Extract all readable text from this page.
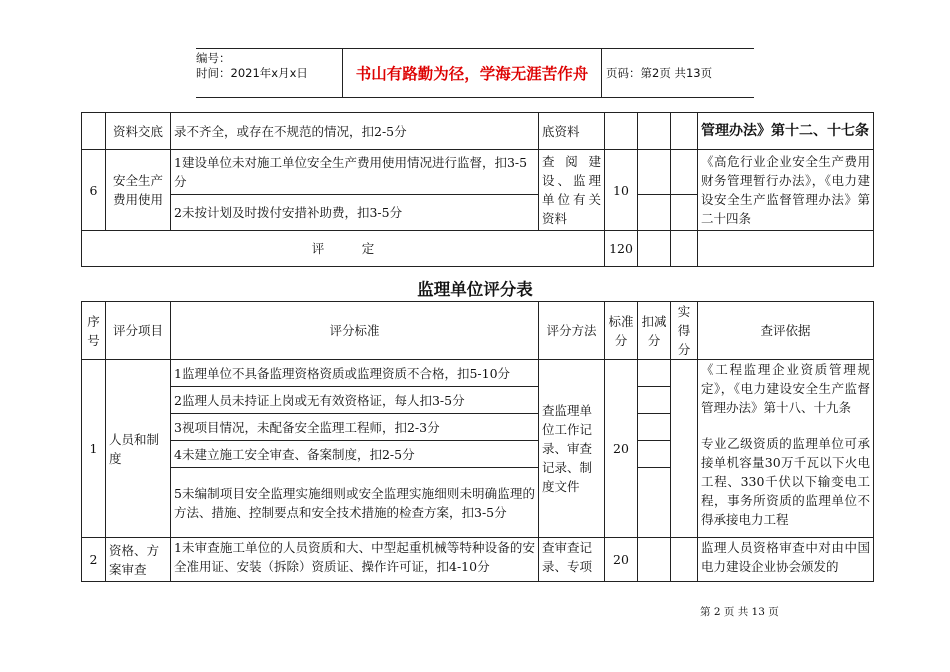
编号：
时间：2021年x月x日	书山有路勤为径，学海无涯苦作舟	页码：第2页 共13页
	资料交底	录不齐全，或存在不规范的情况，扣2-5分	底资料				管理办法》第十二、十七条
6	安全生产费用使用	1建设单位未对施工单位安全生产费用使用情况进行监督，扣3-5分	查阅建设、监理单位有关资料	10			《高危行业企业安全生产费用财务管理暂行办法》，《电力建设安全生产监督管理办法》第二十四条
		2未按计划及时拨付安措补助费，扣3-5分					
评　　　定				120			
监理单位评分表
序号	评分项目	评分标准	评分方法	标准分	扣减分	实得分	查评依据
1	人员和制度	1监理单位不具备监理资格资质或监理资质不合格，扣5-10分	查监理单位工作记录、审查记录、制度文件	20			《工程监理企业资质管理规定》，《电力建设安全生产监督管理办法》第十八、十九条
专业乙级资质的监理单位可承接单机容量30万千瓦以下火电工程、330千伏以下输变电工程，事务所资质的监理单位不得承接电力工程

		2监理人员未持证上岗或无有效资格证，每人扣3-5分					
		3视项目情况，未配备安全监理工程师，扣2-3分					
		4未建立施工安全审查、备案制度，扣2-5分					
		5未编制项目安全监理实施细则或安全监理实施细则未明确监理的方法、措施、控制要点和安全技术措施的检查方案，扣3-5分					
2	资格、方案审查	1未审查施工单位的人员资质和大、中型起重机械等特种设备的安全准用证、安装（拆除）资质证、操作许可证，扣4-10分	查审查记录、专项	20			监理人员资格审查中对由中国电力建设企业协会颁发的
第 2 页 共 13 页
